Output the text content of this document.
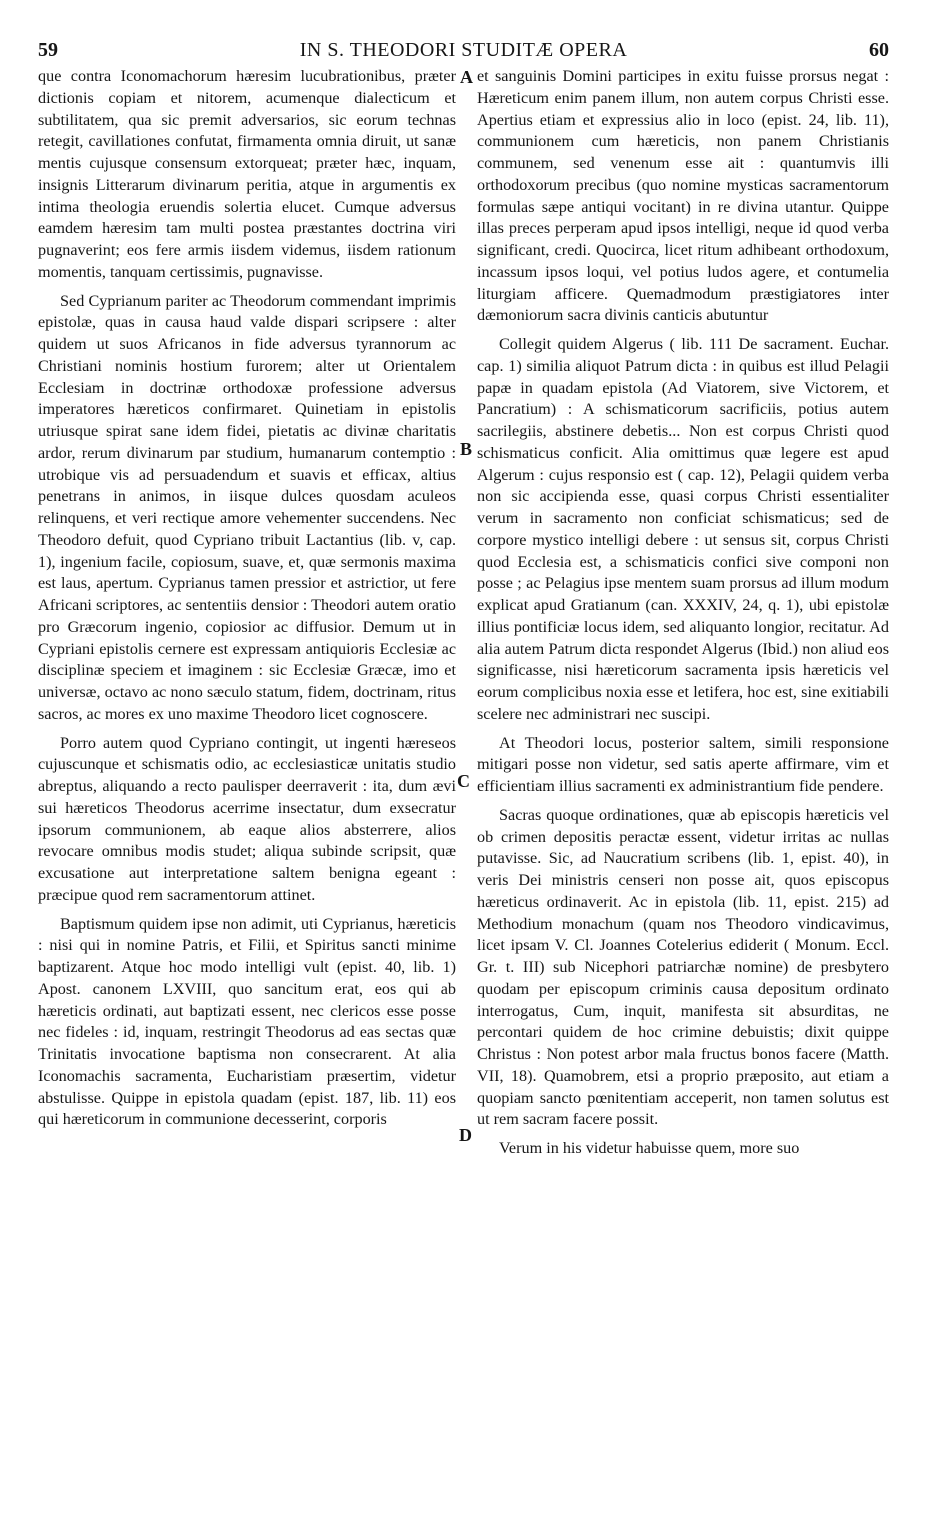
59	IN S. THEODORI STUDITÆ OPERA	60
A
B
C
D

que contra Iconomachorum hæresim lucubrationibus, præter dictionis copiam et nitorem, acumenque dialecticum et subtilitatem, qua sic premit adversarios, sic eorum technas retegit, cavillationes confutat, firmamenta omnia diruit, ut sanæ mentis cujusque consensum extorqueat; præter hæc, inquam, insignis Litterarum divinarum peritia, atque in argumentis ex intima theologia eruendis solertia elucet. Cumque adversus eamdem hæresim tam multi postea præstantes doctrina viri pugnaverint; eos fere armis iisdem videmus, iisdem rationum momentis, tanquam certissimis, pugnavisse.

Sed Cyprianum pariter ac Theodorum commendant imprimis epistolæ, quas in causa haud valde dispari scripsere : alter quidem ut suos Africanos in fide adversus tyrannorum ac Christiani nominis hostium furorem; alter ut Orientalem Ecclesiam in doctrinæ orthodoxæ professione adversus imperatores hæreticos confirmaret. Quinetiam in epistolis utriusque spirat sane idem fidei, pietatis ac divinæ charitatis ardor, rerum divinarum par studium, humanarum contemptio : utrobique vis ad persuadendum et suavis et efficax, altius penetrans in animos, in iisque dulces quosdam aculeos relinquens, et veri rectique amore vehementer succendens. Nec Theodoro defuit, quod Cypriano tribuit Lactantius (lib. v, cap. 1), ingenium facile, copiosum, suave, et, quæ sermonis maxima est laus, apertum. Cyprianus tamen pressior et astrictior, ut fere Africani scriptores, ac sententiis densior : Theodori autem oratio pro Græcorum ingenio, copiosior ac diffusior. Demum ut in Cypriani epistolis cernere est expressam antiquioris Ecclesiæ ac disciplinæ speciem et imaginem : sic Ecclesiæ Græcæ, imo et universæ, octavo ac nono sæculo statum, fidem, doctrinam, ritus sacros, ac mores ex uno maxime Theodoro licet cognoscere.

Porro autem quod Cypriano contingit, ut ingenti hæreseos cujuscunque et schismatis odio, ac ecclesiasticæ unitatis studio abreptus, aliquando a recto paulisper deerraverit : ita, dum ævi sui hæreticos Theodorus acerrime insectatur, dum exsecratur ipsorum communionem, ab eaque alios absterrere, alios revocare omnibus modis studet; aliqua subinde scripsit, quæ excusatione aut interpretatione saltem benigna egeant : præcipue quod rem sacramentorum attinet.

Baptismum quidem ipse non adimit, uti Cyprianus, hæreticis : nisi qui in nomine Patris, et Filii, et Spiritus sancti minime baptizarent. Atque hoc modo intelligi vult (epist. 40, lib. 1) Apost. canonem LXVIII, quo sancitum erat, eos qui ab hæreticis ordinati, aut baptizati essent, nec clericos esse posse nec fideles : id, inquam, restringit Theodorus ad eas sectas quæ Trinitatis invocatione baptisma non consecrarent. At alia Iconomachis sacramenta, Eucharistiam præsertim, videtur abstulisse. Quippe in epistola quadam (epist. 187, lib. 11) eos qui hæreticorum in communione decesserint, corporis

et sanguinis Domini participes in exitu fuisse prorsus negat : Hæreticum enim panem illum, non autem corpus Christi esse. Apertius etiam et expressius alio in loco (epist. 24, lib. 11), communionem cum hæreticis, non panem Christianis communem, sed venenum esse ait : quantumvis illi orthodoxorum precibus (quo nomine mysticas sacramentorum formulas sæpe antiqui vocitant) in re divina utantur. Quippe illas preces perperam apud ipsos intelligi, neque id quod verba significant, credi. Quocirca, licet ritum adhibeant orthodoxum, incassum ipsos loqui, vel potius ludos agere, et contumelia liturgiam afficere. Quemadmodum præstigiatores inter dæmoniorum sacra divinis canticis abutuntur

Collegit quidem Algerus ( lib. 111 De sacrament. Euchar. cap. 1) similia aliquot Patrum dicta : in quibus est illud Pelagii papæ in quadam epistola (Ad Viatorem, sive Victorem, et Pancratium) : A schismaticorum sacrificiis, potius autem sacrilegiis, abstinere debetis... Non est corpus Christi quod schismaticus conficit. Alia omittimus quæ legere est apud Algerum : cujus responsio est ( cap. 12), Pelagii quidem verba non sic accipienda esse, quasi corpus Christi essentialiter verum in sacramento non conficiat schismaticus; sed de corpore mystico intelligi debere : ut sensus sit, corpus Christi quod Ecclesia est, a schismaticis confici sive componi non posse ; ac Pelagius ipse mentem suam prorsus ad illum modum explicat apud Gratianum (can. XXXIV, 24, q. 1), ubi epistolæ illius pontificiæ locus idem, sed aliquanto longior, recitatur. Ad alia autem Patrum dicta respondet Algerus (Ibid.) non aliud eos significasse, nisi hæreticorum sacramenta ipsis hæreticis vel eorum complicibus noxia esse et letifera, hoc est, sine exitiabili scelere nec administrari nec suscipi.

At Theodori locus, posterior saltem, simili responsione mitigari posse non videtur, sed satis aperte affirmare, vim et efficientiam illius sacramenti ex administrantium fide pendere.

Sacras quoque ordinationes, quæ ab episcopis hæreticis vel ob crimen depositis peractæ essent, videtur irritas ac nullas putavisse. Sic, ad Naucratium scribens (lib. 1, epist. 40), in veris Dei ministris censeri non posse ait, quos episcopus hæreticus ordinaverit. Ac in epistola (lib. 11, epist. 215) ad Methodium monachum (quam nos Theodoro vindicavimus, licet ipsam V. Cl. Joannes Cotelerius ediderit ( Monum. Eccl. Gr. t. III) sub Nicephori patriarchæ nomine) de presbytero quodam per episcopum criminis causa depositum ordinato interrogatus, Cum, inquit, manifesta sit absurditas, ne percontari quidem de hoc crimine debuistis; dixit quippe Christus : Non potest arbor mala fructus bonos facere (Matth. VII, 18). Quamobrem, etsi a proprio præposito, aut etiam a quopiam sancto pœnitentiam acceperit, non tamen solutus est ut rem sacram facere possit.

Verum in his videtur habuisse quem, more suo
